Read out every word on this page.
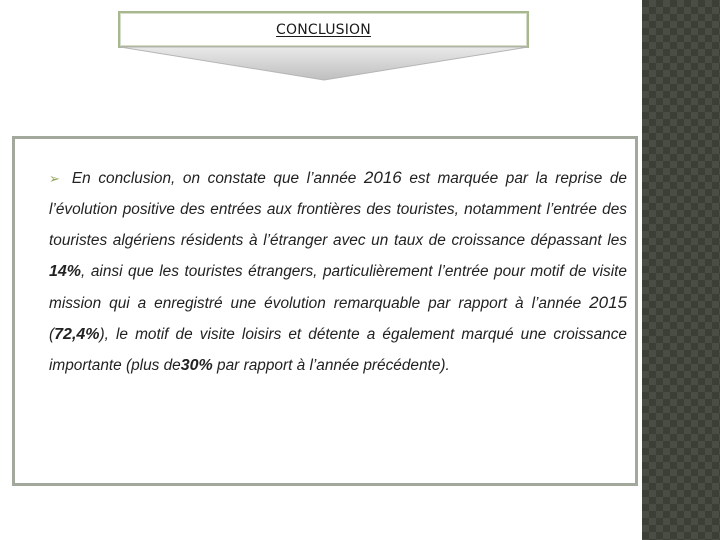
CONCLUSION

➢ En conclusion, on constate que l’année 2016 est marquée par la reprise de l’évolution positive des entrées aux frontières des touristes, notamment l’entrée des touristes algériens résidents à l’étranger avec un taux de croissance dépassant les 14%, ainsi que les touristes étrangers, particulièrement l’entrée pour motif de visite mission qui a enregistré une évolution remarquable par rapport à l’année 2015 (72,4%), le motif de visite loisirs et détente a également marqué une croissance importante (plus de30% par rapport à l’année précédente).
